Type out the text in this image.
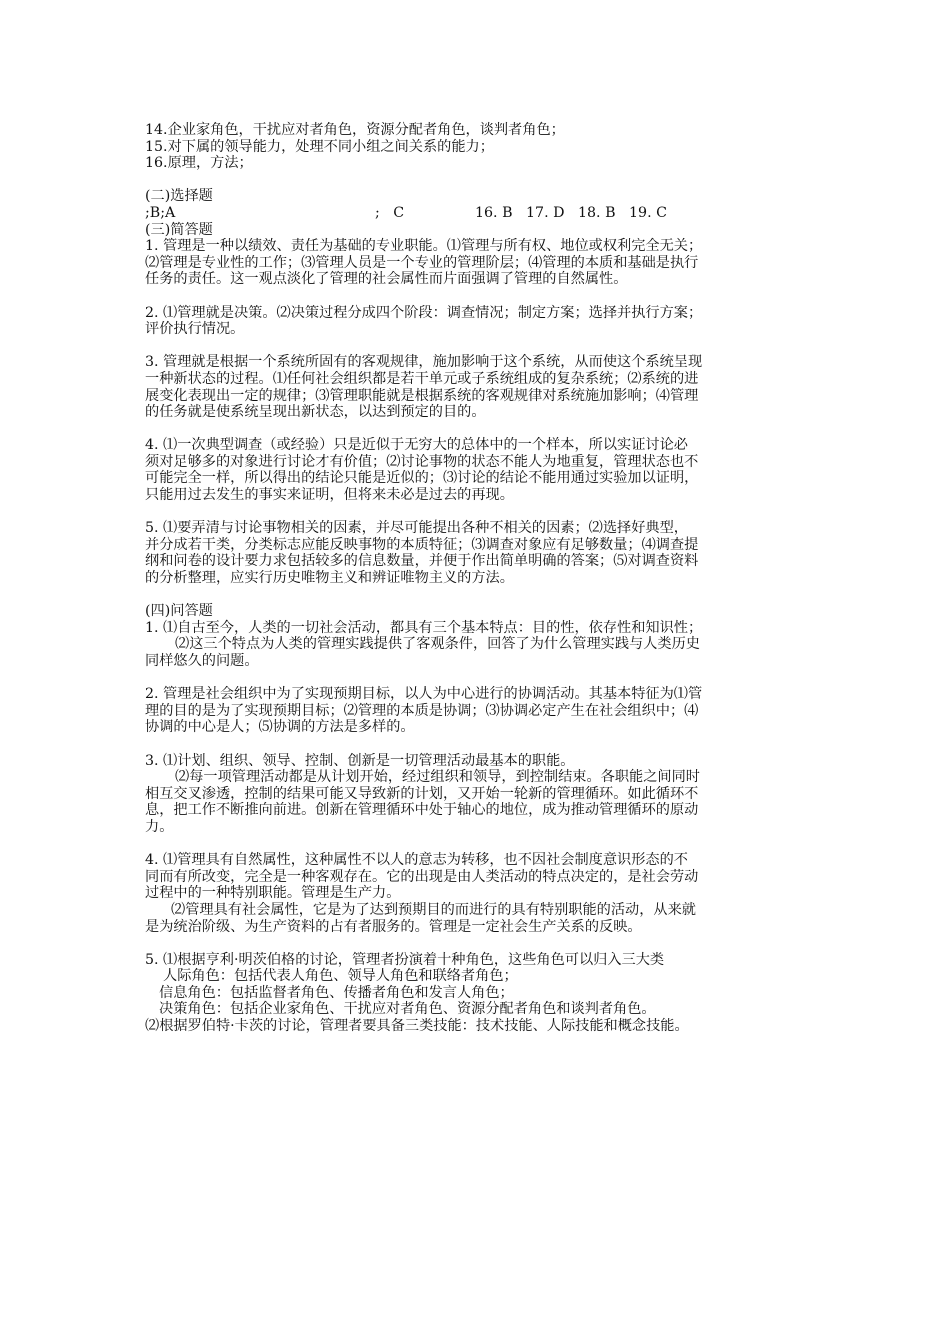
14.企业家角色，干扰应对者角色，资源分配者角色，谈判者角色；
15.对下属的领导能力，处理不同小组之间关系的能力；
16.原理，方法；
(二)选择题
;B;A	;   C	16. B   17. D   18. B   19. C
(三)简答题
1. 管理是一种以绩效、责任为基础的专业职能。⑴管理与所有权、地位或权利完全无关；
⑵管理是专业性的工作；⑶管理人员是一个专业的管理阶层；⑷管理的本质和基础是执行
任务的责任。这一观点淡化了管理的社会属性而片面强调了管理的自然属性。
2. ⑴管理就是决策。⑵决策过程分成四个阶段：调查情况；制定方案；选择并执行方案；
评价执行情况。
3. 管理就是根据一个系统所固有的客观规律，施加影响于这个系统，从而使这个系统呈现
一种新状态的过程。⑴任何社会组织都是若干单元或子系统组成的复杂系统；⑵系统的进
展变化表现出一定的规律；⑶管理职能就是根据系统的客观规律对系统施加影响；⑷管理
的任务就是使系统呈现出新状态，以达到预定的目的。
4. ⑴一次典型调查（或经验）只是近似于无穷大的总体中的一个样本，所以实证讨论必
须对足够多的对象进行讨论才有价值；⑵讨论事物的状态不能人为地重复，管理状态也不
可能完全一样，所以得出的结论只能是近似的；⑶讨论的结论不能用通过实验加以证明，
只能用过去发生的事实来证明，但将来未必是过去的再现。
5. ⑴要弄清与讨论事物相关的因素，并尽可能提出各种不相关的因素；⑵选择好典型，
并分成若干类，分类标志应能反映事物的本质特征；⑶调查对象应有足够数量；⑷调查提
纲和问卷的设计要力求包括较多的信息数量，并便于作出简单明确的答案；⑸对调查资料
的分析整理，应实行历史唯物主义和辨证唯物主义的方法。
(四)问答题
1. ⑴自古至今，人类的一切社会活动，都具有三个基本特点：目的性，依存性和知识性；
⑵这三个特点为人类的管理实践提供了客观条件，回答了为什么管理实践与人类历史
同样悠久的问题。
2. 管理是社会组织中为了实现预期目标，以人为中心进行的协调活动。其基本特征为⑴管
理的目的是为了实现预期目标；⑵管理的本质是协调；⑶协调必定产生在社会组织中；⑷
协调的中心是人；⑸协调的方法是多样的。
3. ⑴计划、组织、领导、控制、创新是一切管理活动最基本的职能。
⑵每一项管理活动都是从计划开始，经过组织和领导，到控制结束。各职能之间同时
相互交叉渗透，控制的结果可能又导致新的计划，又开始一轮新的管理循环。如此循环不
息，把工作不断推向前进。创新在管理循环中处于轴心的地位，成为推动管理循环的原动
力。
4. ⑴管理具有自然属性，这种属性不以人的意志为转移，也不因社会制度意识形态的不
同而有所改变，完全是一种客观存在。它的出现是由人类活动的特点决定的，是社会劳动
过程中的一种特别职能。管理是生产力。
⑵管理具有社会属性，它是为了达到预期目的而进行的具有特别职能的活动，从来就
是为统治阶级、为生产资料的占有者服务的。管理是一定社会生产关系的反映。
5. ⑴根据亨利·明茨伯格的讨论，管理者扮演着十种角色，这些角色可以归入三大类
人际角色：包括代表人角色、领导人角色和联络者角色；
信息角色：包括监督者角色、传播者角色和发言人角色；
决策角色：包括企业家角色、干扰应对者角色、资源分配者角色和谈判者角色。
⑵根据罗伯特·卡茨的讨论，管理者要具备三类技能：技术技能、人际技能和概念技能。
